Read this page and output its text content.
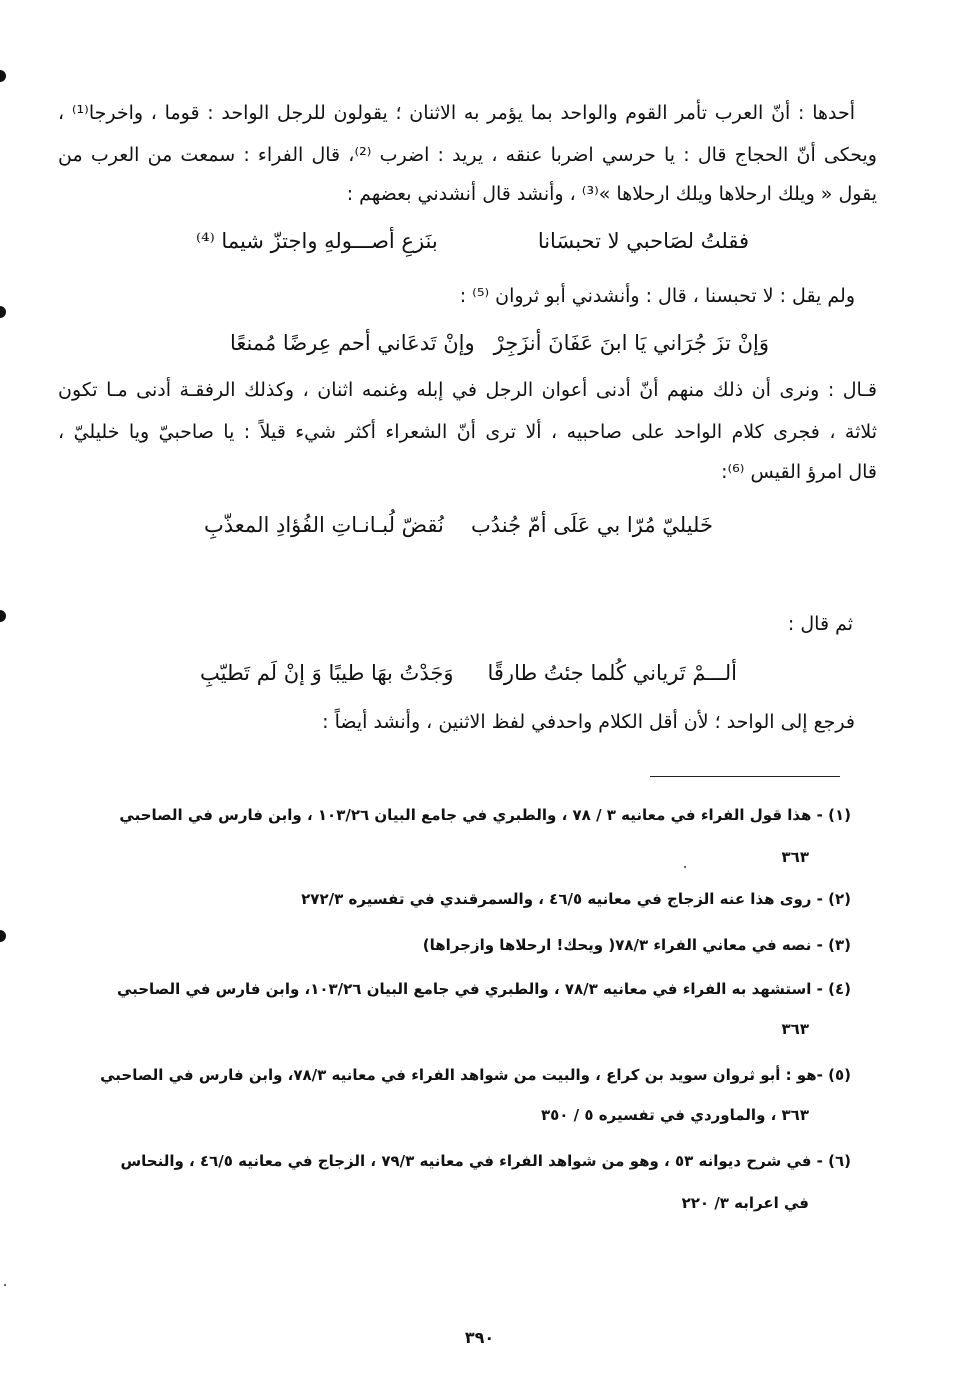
أحدها : أنّ العرب تأمر القوم والواحد بما يؤمر به الاثنان ؛ يقولون للرجل الواحد : قوما ، واخرجا⁽¹⁾ ،
ويحكى أنّ الحجاج قال : يا حرسي اضربا عنقه ، يريد : اضرب ⁽²⁾، قال الفراء : سمعت من العرب من
يقول « ويلك ارحلاها ويلك ارحلاها »⁽³⁾ ، وأنشد قال أنشدني بعضهم :
فقلتُ لصَاحبي لا تحبسَانا
بنَزعِ أصـــولهِ واجتزّ شيما ⁽⁴⁾
ولم يقل : لا تحبسنا ، قال : وأنشدني أبو ثروان ⁽⁵⁾ :
وَإنْ تزَ جُرَاني يَا ابنَ عَفَانَ أنزَجِرْ
وإنْ تَدعَاني أحم عِرضًا مُمنعًا
قـال : ونرى أن ذلك منهم أنّ أدنى أعوان الرجل في إبله وغنمه اثنان ، وكذلك الرفقـة أدنى مـا تكون
ثلاثة ، فجرى كلام الواحد على صاحبيه ، ألا ترى أنّ الشعراء أكثر شيء قيلاً : يا صاحبيّ ويا خليليّ ،
قال امرؤ القيس ⁽⁶⁾:
خَليليّ مُرّا بي عَلَى أمّ جُندُب
نُقضّ لُبـانـاتِ الفُؤادِ المعذّبِ
ثم قال :
ألـــمْ تَرياني كُلما جئتُ طارقًا
وَجَدْتُ بهَا طيبًا وَ إنْ لَم تَطيّبِ
فرجع إلى الواحد ؛ لأن أقل الكلام واحدفي لفظ الاثنين ، وأنشد أيضاً :
(١) - هذا قول الفراء في معانيه ٣ / ٧٨ ، والطبري في جامع البيان ١٠٣/٢٦ ، وابن فارس في الصاحبي
٣٦٣
(٢) - روى هذا عنه الزجاج في معانيه ٤٦/٥ ، والسمرقندي في تفسيره ٢٧٢/٣
(٣) - نصه في معاني الفراء ٧٨/٣( ويحك! ارحلاها وازجراها)
(٤) - استشهد به الفراء في معانيه ٧٨/٣ ، والطبري في جامع البيان ١٠٣/٢٦، وابن فارس في الصاحبي
٣٦٣
(٥) -هو : أبو ثروان سويد بن كراع ، والبيت من شواهد الفراء في معانيه ٧٨/٣، وابن فارس في الصاحبي
٣٦٣ ، والماوردي في تفسيره ٥ / ٣٥٠
(٦) - في شرح ديوانه ٥٣ ، وهو من شواهد الفراء في معانيه ٧٩/٣ ، الزجاج في معانيه ٤٦/٥ ، والنحاس
في اعرابه ٣/ ٢٢٠
٣٩٠
